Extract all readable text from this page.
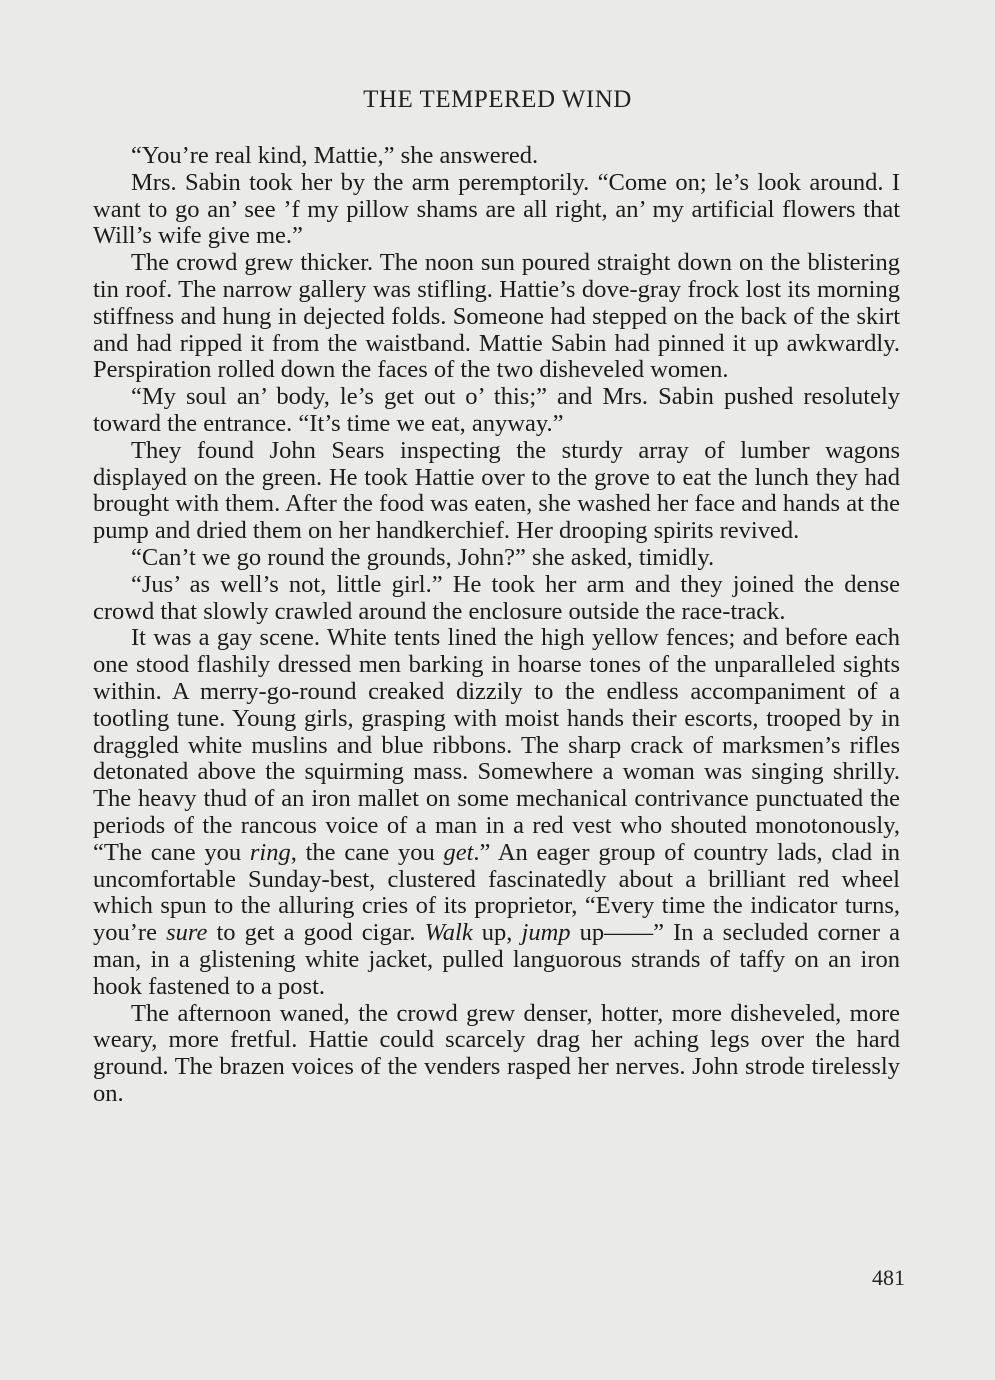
THE TEMPERED WIND

“You’re real kind, Mattie,” she answered.

Mrs. Sabin took her by the arm peremptorily. “Come on; le’s look around. I want to go an’ see ’f my pillow shams are all right, an’ my artificial flowers that Will’s wife give me.”

The crowd grew thicker. The noon sun poured straight down on the blistering tin roof. The narrow gallery was stifling. Hattie’s dove-gray frock lost its morning stiffness and hung in dejected folds. Someone had stepped on the back of the skirt and had ripped it from the waistband. Mattie Sabin had pinned it up awkwardly. Perspiration rolled down the faces of the two disheveled women.

“My soul an’ body, le’s get out o’ this;” and Mrs. Sabin pushed resolutely toward the entrance. “It’s time we eat, anyway.”

They found John Sears inspecting the sturdy array of lumber wagons displayed on the green. He took Hattie over to the grove to eat the lunch they had brought with them. After the food was eaten, she washed her face and hands at the pump and dried them on her handkerchief. Her drooping spirits revived.

“Can’t we go round the grounds, John?” she asked, timidly.

“Jus’ as well’s not, little girl.” He took her arm and they joined the dense crowd that slowly crawled around the enclosure outside the race-track.

It was a gay scene. White tents lined the high yellow fences; and before each one stood flashily dressed men barking in hoarse tones of the unparalleled sights within. A merry-go-round creaked dizzily to the endless accompaniment of a tootling tune. Young girls, grasping with moist hands their escorts, trooped by in draggled white muslins and blue ribbons. The sharp crack of marksmen’s rifles detonated above the squirming mass. Somewhere a woman was singing shrilly. The heavy thud of an iron mallet on some mechanical contrivance punctuated the periods of the rancous voice of a man in a red vest who shouted monotonously, “The cane you ring, the cane you get.” An eager group of country lads, clad in uncomfortable Sunday-best, clustered fascinatedly about a brilliant red wheel which spun to the alluring cries of its proprietor, “Every time the indicator turns, you’re sure to get a good cigar. Walk up, jump up——” In a secluded corner a man, in a glistening white jacket, pulled languorous strands of taffy on an iron hook fastened to a post.

The afternoon waned, the crowd grew denser, hotter, more disheveled, more weary, more fretful. Hattie could scarcely drag her aching legs over the hard ground. The brazen voices of the venders rasped her nerves. John strode tirelessly on.

481
